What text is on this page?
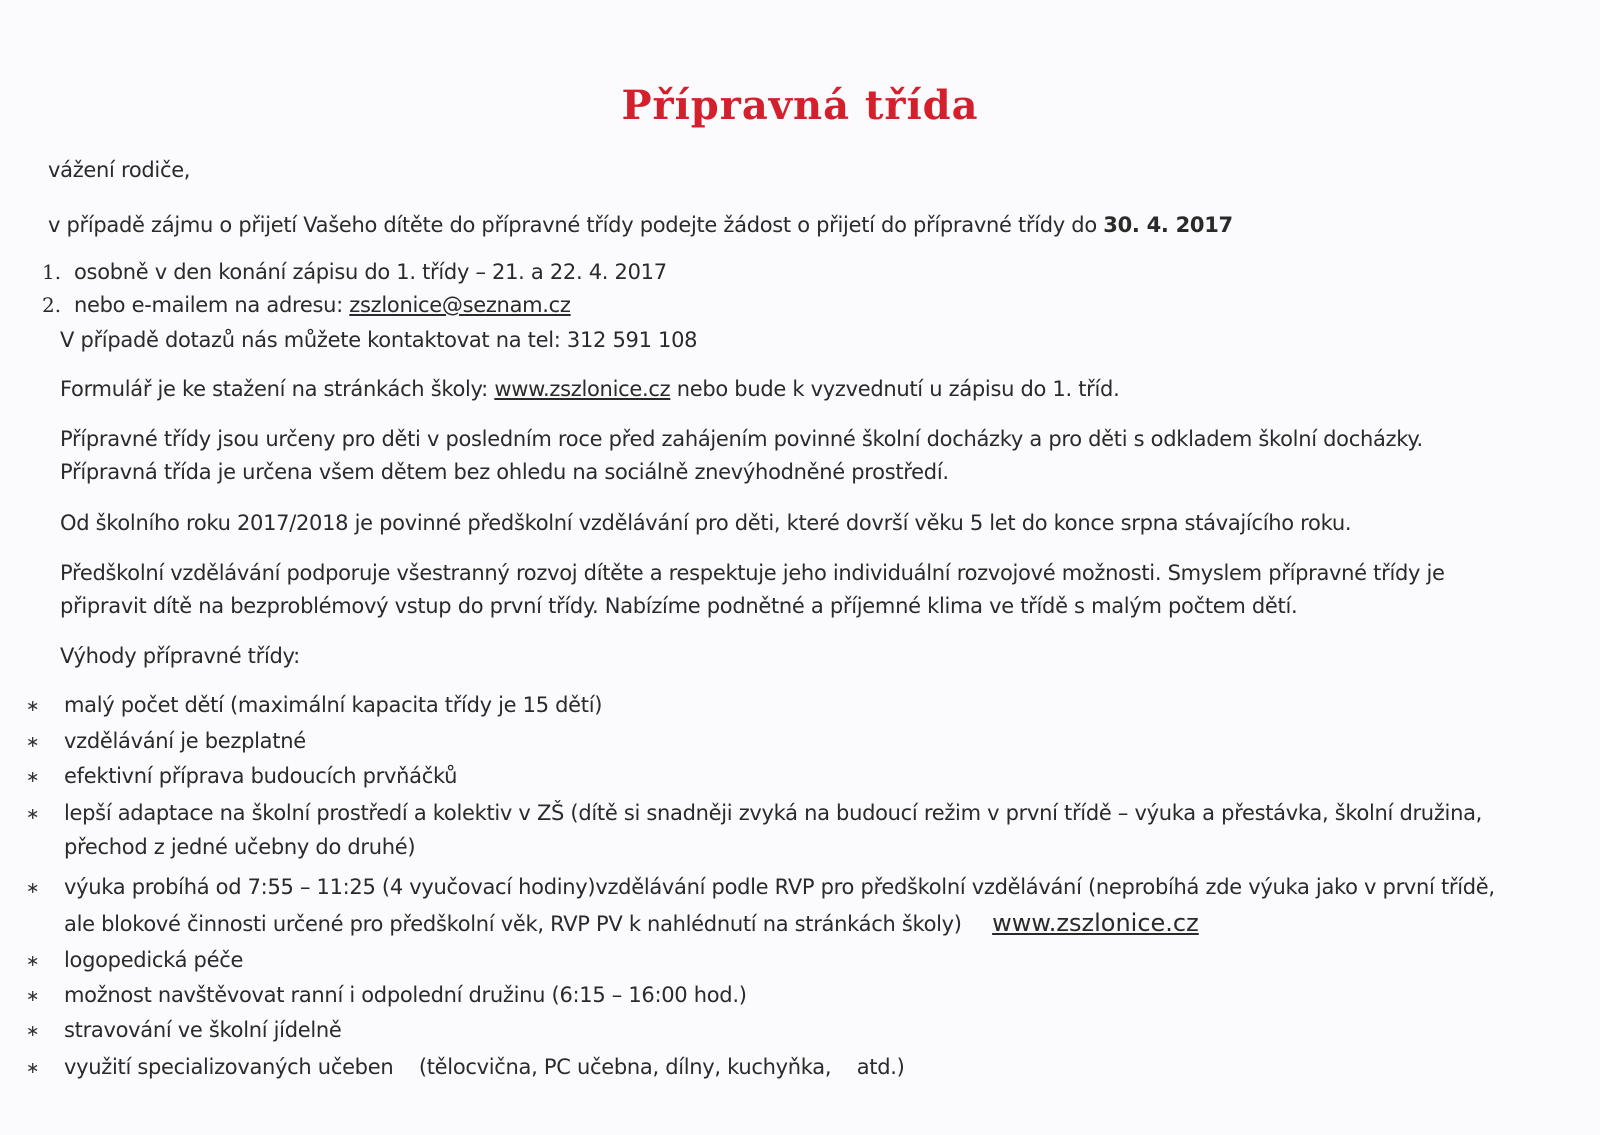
Přípravná třída
vážení rodiče,
v případě zájmu o přijetí Vašeho dítěte do přípravné třídy podejte žádost o přijetí do přípravné třídy do 30. 4. 2017
1. osobně v den konání zápisu do 1. třídy – 21. a 22. 4. 2017
2. nebo e-mailem na adresu: zszlonice@seznam.cz
V případě dotazů nás můžete kontaktovat na tel: 312 591 108
Formulář je ke stažení na stránkách školy: www.zszlonice.cz nebo bude k vyzvednutí u zápisu do 1. tříd.
Přípravné třídy jsou určeny pro děti v posledním roce před zahájením povinné školní docházky a pro děti s odkladem školní docházky.
Přípravná třída je určena všem dětem bez ohledu na sociálně znevýhodněné prostředí.
Od školního roku 2017/2018 je povinné předškolní vzdělávání pro děti, které dovrší věku 5 let do konce srpna stávajícího roku.
Předškolní vzdělávání podporuje všestranný rozvoj dítěte a respektuje jeho individuální rozvojové možnosti. Smyslem přípravné třídy je
připravit dítě na bezproblémový vstup do první třídy. Nabízíme podnětné a příjemné klima ve třídě s malým počtem dětí.
Výhody přípravné třídy:
∗ malý počet dětí (maximální kapacita třídy je 15 dětí)
∗ vzdělávání je bezplatné
∗ efektivní příprava budoucích prvňáčků
∗ lepší adaptace na školní prostředí a kolektiv v ZŠ (dítě si snadněji zvyká na budoucí režim v první třídě – výuka a přestávka, školní družina,
přechod z jedné učebny do druhé)
∗ výuka probíhá od 7:55 – 11:25 (4 vyučovací hodiny)vzdělávání podle RVP pro předškolní vzdělávání (neprobíhá zde výuka jako v první třídě,
ale blokové činnosti určené pro předškolní věk, RVP PV k nahlédnutí na stránkách školy) www.zszlonice.cz
∗ logopedická péče
∗ možnost navštěvovat ranní i odpolední družinu (6:15 – 16:00 hod.)
∗ stravování ve školní jídelně
∗ využití specializovaných učeben    (tělocvična, PC učebna, dílny, kuchyňka,    atd.)
